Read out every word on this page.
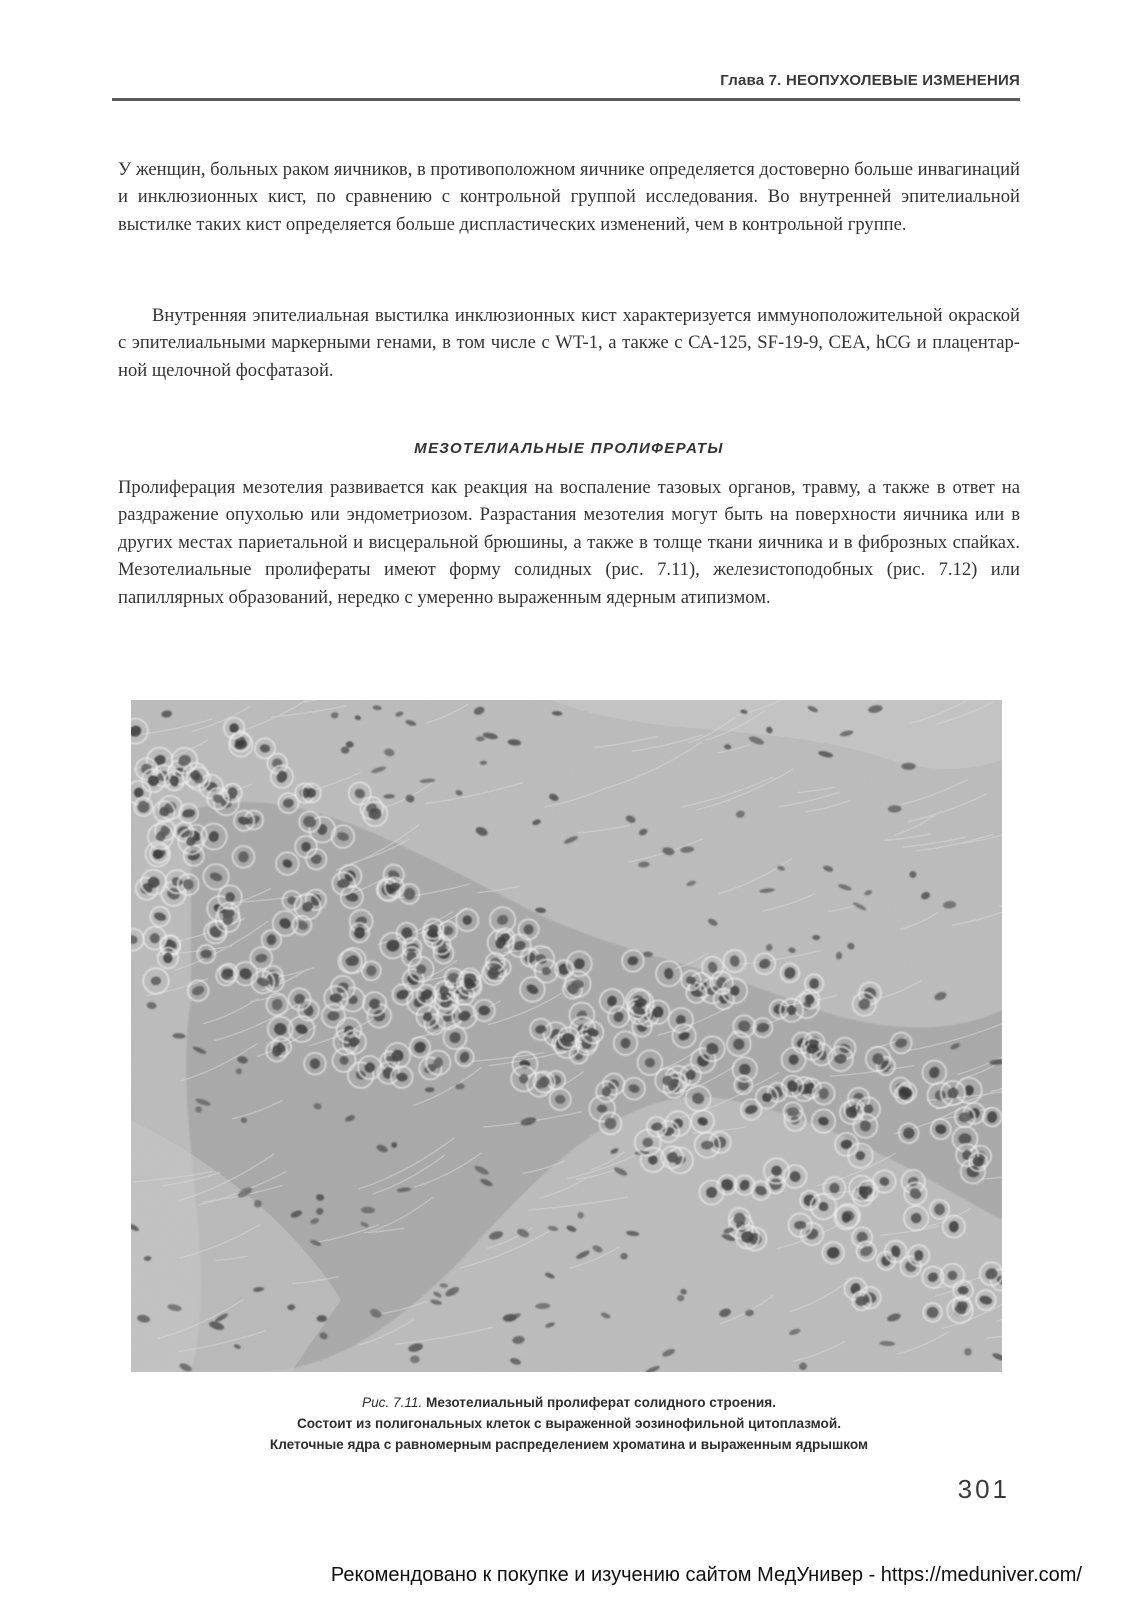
Глава 7. НЕОПУХОЛЕВЫЕ ИЗМЕНЕНИЯ
У женщин, больных раком яичников, в противоположном яичнике определяется достоверно больше инвагинаций и инклюзионных кист, по сравнению с контрольной группой исследования. Во внутренней эпителиальной выстилке таких кист определяется больше диспластических изменений, чем в контрольной группе.
Внутренняя эпителиальная выстилка инклюзионных кист характеризуется иммуноположительной окраской с эпителиальными маркерными генами, в том числе с WT-1, а также с СА-125, SF-19-9, CEA, hCG и плацентарной щелочной фосфатазой.
МЕЗОТЕЛИАЛЬНЫЕ ПРОЛИФЕРАТЫ
Пролиферация мезотелия развивается как реакция на воспаление тазовых органов, травму, а также в ответ на раздражение опухолью или эндометриозом. Разрастания мезотелия могут быть на поверхности яичника или в других местах париетальной и висцеральной брюшины, а также в толще ткани яичника и в фиброзных спайках. Мезотелиальные пролифераты имеют форму солидных (рис. 7.11), железистоподобных (рис. 7.12) или папиллярных образований, нередко с умеренно выраженным ядерным атипизмом.
Рис. 7.11. Мезотелиальный пролиферат солидного строения.
Состоит из полигональных клеток с выраженной эозинофильной цитоплазмой.
Клеточные ядра с равномерным распределением хроматина и выраженным ядрышком
301
Рекомендовано к покупке и изучению сайтом МедУнивер - https://meduniver.com/
